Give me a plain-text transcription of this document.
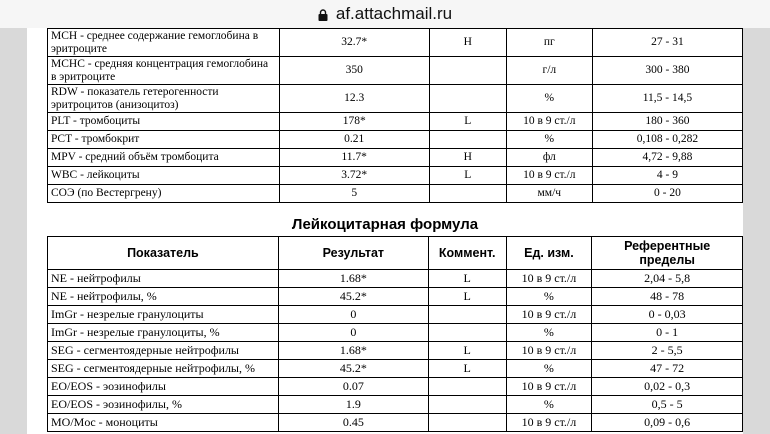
af.attachmail.ru
MCH - среднее содержание гемоглобина в эритроците	32.7*	H	пг	27 - 31
MCHC - средняя концентрация гемоглобина в эритроците	350		г/л	300 - 380
RDW - показатель гетерогенности эритроцитов (анизоцитоз)	12.3		%	11,5 - 14,5
PLT - тромбоциты	178*	L	10 в 9 ст./л	180 - 360
PCT - тромбокрит	0.21		%	0,108 - 0,282
MPV - средний объём тромбоцита	11.7*	H	фл	4,72 - 9,88
WBC - лейкоциты	3.72*	L	10 в 9 ст./л	4 - 9
СОЭ (по Вестергрену)	5		мм/ч	0 - 20
Лейкоцитарная формула
Показатель	Результат	Коммент.	Ед. изм.	Референтные пределы
NE - нейтрофилы	1.68*	L	10 в 9 ст./л	2,04 - 5,8
NE - нейтрофилы, %	45.2*	L	%	48 - 78
ImGr - незрелые гранулоциты	0		10 в 9 ст./л	0 - 0,03
ImGr - незрелые гранулоциты, %	0		%	0 - 1
SEG - сегментоядерные нейтрофилы	1.68*	L	10 в 9 ст./л	2 - 5,5
SEG - сегментоядерные нейтрофилы, %	45.2*	L	%	47 - 72
EO/EOS - эозинофилы	0.07		10 в 9 ст./л	0,02 - 0,3
EO/EOS - эозинофилы, %	1.9		%	0,5 - 5
MO/Moc - моноциты	0.45		10 в 9 ст./л	0,09 - 0,6
